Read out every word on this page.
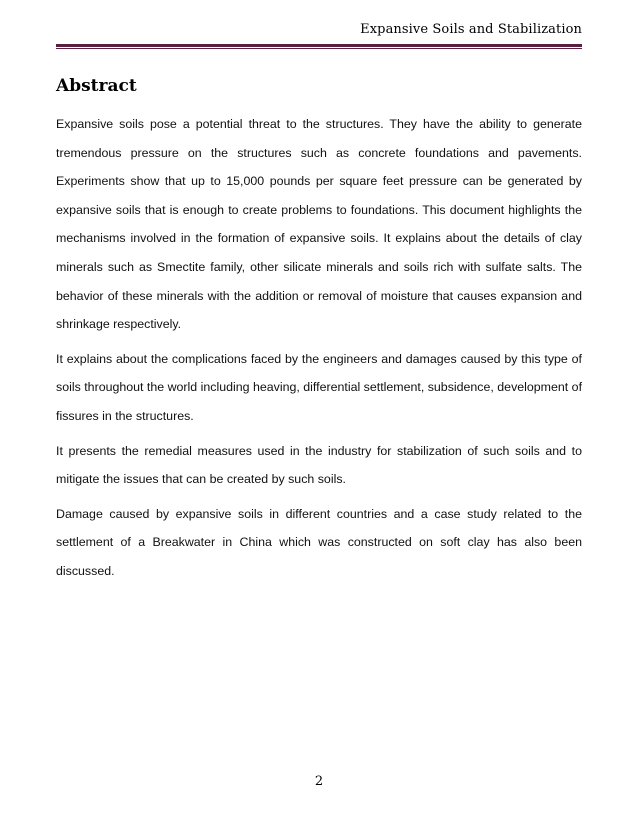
Expansive Soils and Stabilization
Abstract

Expansive soils pose a potential threat to the structures. They have the ability to generate tremendous pressure on the structures such as concrete foundations and pavements. Experiments show that up to 15,000 pounds per square feet pressure can be generated by expansive soils that is enough to create problems to foundations. This document highlights the mechanisms involved in the formation of expansive soils. It explains about the details of clay minerals such as Smectite family, other silicate minerals and soils rich with sulfate salts. The behavior of these minerals with the addition or removal of moisture that causes expansion and shrinkage respectively.

It explains about the complications faced by the engineers and damages caused by this type of soils throughout the world including heaving, differential settlement, subsidence, development of fissures in the structures.

It presents the remedial measures used in the industry for stabilization of such soils and to mitigate the issues that can be created by such soils.

Damage caused by expansive soils in different countries and a case study related to the settlement of a Breakwater in China which was constructed on soft clay has also been discussed.

2
